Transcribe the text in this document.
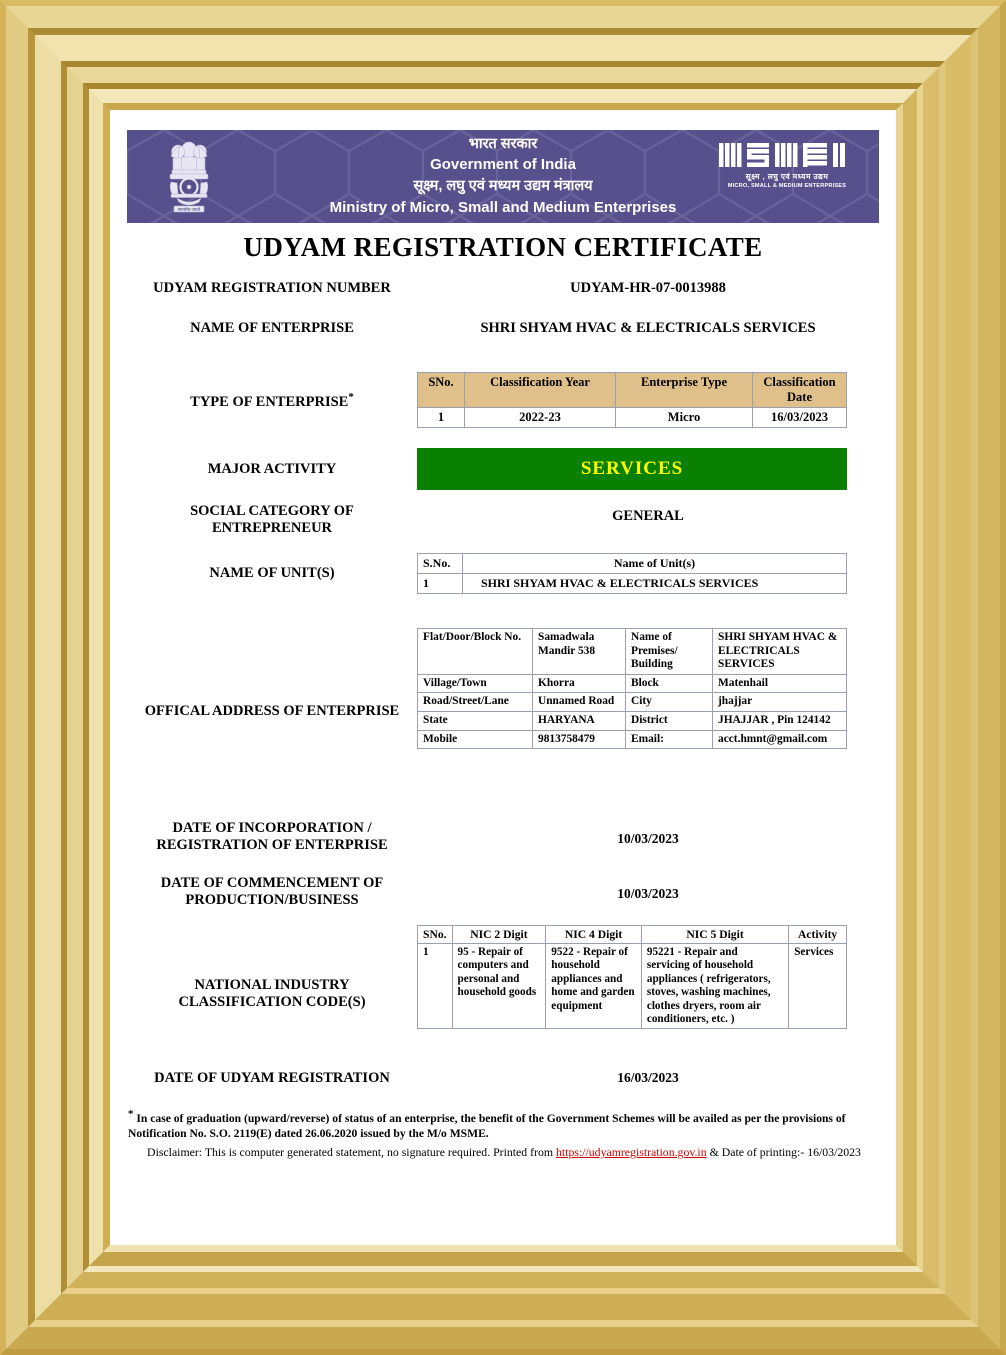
सत्यमेव जयते
भारत सरकार
Government of India
सूक्ष्म, लघु एवं मध्यम उद्यम मंत्रालय
Ministry of Micro, Small and Medium Enterprises
सूक्ष्म , लघु एवं मध्यम उद्यम
MICRO, SMALL & MEDIUM ENTERPRISES
UDYAM REGISTRATION CERTIFICATE
UDYAM REGISTRATION NUMBER	UDYAM-HR-07-0013988
NAME OF ENTERPRISE	SHRI SHYAM HVAC & ELECTRICALS SERVICES
TYPE OF ENTERPRISE*
SNo.	Classification Year	Enterprise Type	Classification Date
1	2022-23	Micro	16/03/2023
MAJOR ACTIVITY	SERVICES
SOCIAL CATEGORY OF
ENTREPRENEUR
GENERAL
NAME OF UNIT(S)
S.No.	Name of Unit(s)
1	SHRI SHYAM HVAC & ELECTRICALS SERVICES
OFFICAL ADDRESS OF ENTERPRISE
Flat/Door/Block No.	Samadwala Mandir 538	Name of Premises/ Building	SHRI SHYAM HVAC & ELECTRICALS SERVICES
Village/Town	Khorra	Block	Matenhail
Road/Street/Lane	Unnamed Road	City	jhajjar
State	HARYANA	District	JHAJJAR , Pin 124142
Mobile	9813758479	Email:	acct.hmnt@gmail.com
DATE OF INCORPORATION /
REGISTRATION OF ENTERPRISE	10/03/2023
DATE OF COMMENCEMENT OF
PRODUCTION/BUSINESS	10/03/2023
NATIONAL INDUSTRY
CLASSIFICATION CODE(S)
SNo.	NIC 2 Digit	NIC 4 Digit	NIC 5 Digit	Activity
1	95 - Repair of computers and personal and household goods	9522 - Repair of household appliances and home and garden equipment	95221 - Repair and servicing of household appliances ( refrigerators, stoves, washing machines, clothes dryers, room air conditioners, etc. )	Services
DATE OF UDYAM REGISTRATION	16/03/2023
* In case of graduation (upward/reverse) of status of an enterprise, the benefit of the Government Schemes will be availed as per the provisions of Notification No. S.O. 2119(E) dated 26.06.2020 issued by the M/o MSME.
Disclaimer: This is computer generated statement, no signature required. Printed from https://udyamregistration.gov.in & Date of printing:- 16/03/2023
